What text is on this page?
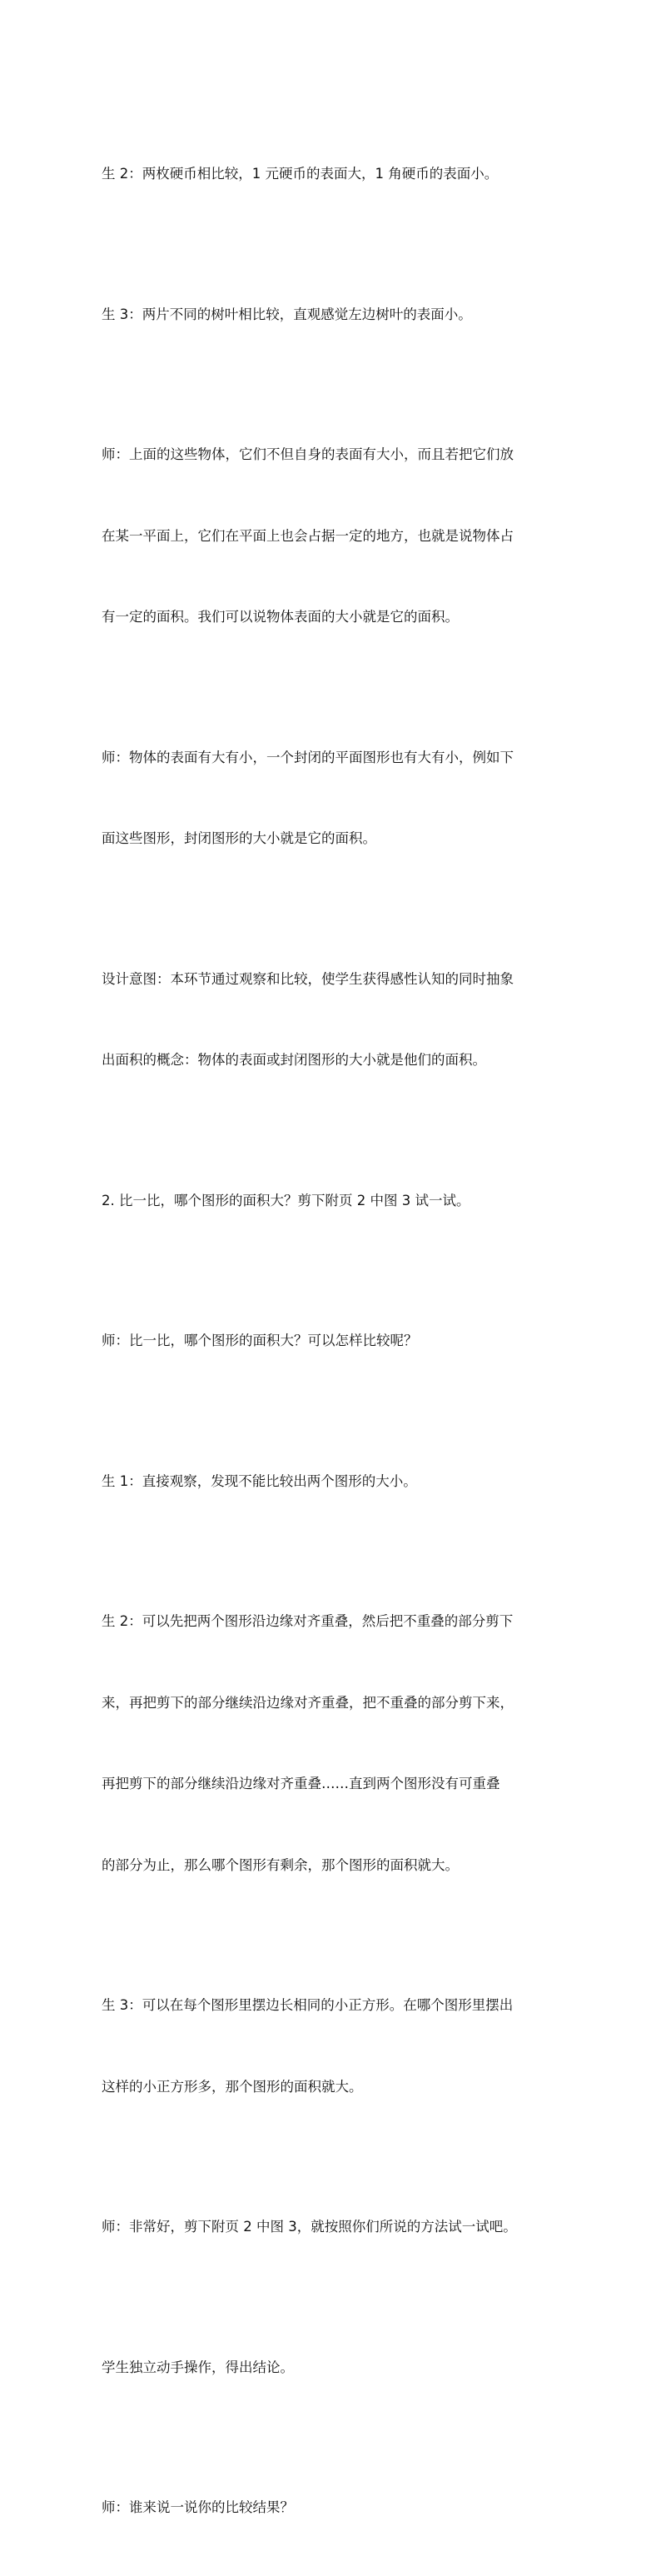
生 2：两枚硬币相比较，1 元硬币的表面大，1 角硬币的表面小。

生 3：两片不同的树叶相比较，直观感觉左边树叶的表面小。

师：上面的这些物体，它们不但自身的表面有大小，而且若把它们放

在某一平面上，它们在平面上也会占据一定的地方，也就是说物体占

有一定的面积。我们可以说物体表面的大小就是它的面积。

师：物体的表面有大有小，一个封闭的平面图形也有大有小，例如下

面这些图形，封闭图形的大小就是它的面积。

设计意图：本环节通过观察和比较，使学生获得感性认知的同时抽象

出面积的概念：物体的表面或封闭图形的大小就是他们的面积。

2. 比一比，哪个图形的面积大？剪下附页 2 中图 3 试一试。

师：比一比，哪个图形的面积大？可以怎样比较呢？

生 1：直接观察，发现不能比较出两个图形的大小。

生 2：可以先把两个图形沿边缘对齐重叠，然后把不重叠的部分剪下

来，再把剪下的部分继续沿边缘对齐重叠，把不重叠的部分剪下来，

再把剪下的部分继续沿边缘对齐重叠……直到两个图形没有可重叠

的部分为止，那么哪个图形有剩余，那个图形的面积就大。

生 3：可以在每个图形里摆边长相同的小正方形。在哪个图形里摆出

这样的小正方形多，那个图形的面积就大。

师：非常好，剪下附页 2 中图 3，就按照你们所说的方法试一试吧。

学生独立动手操作，得出结论。

师：谁来说一说你的比较结果？
